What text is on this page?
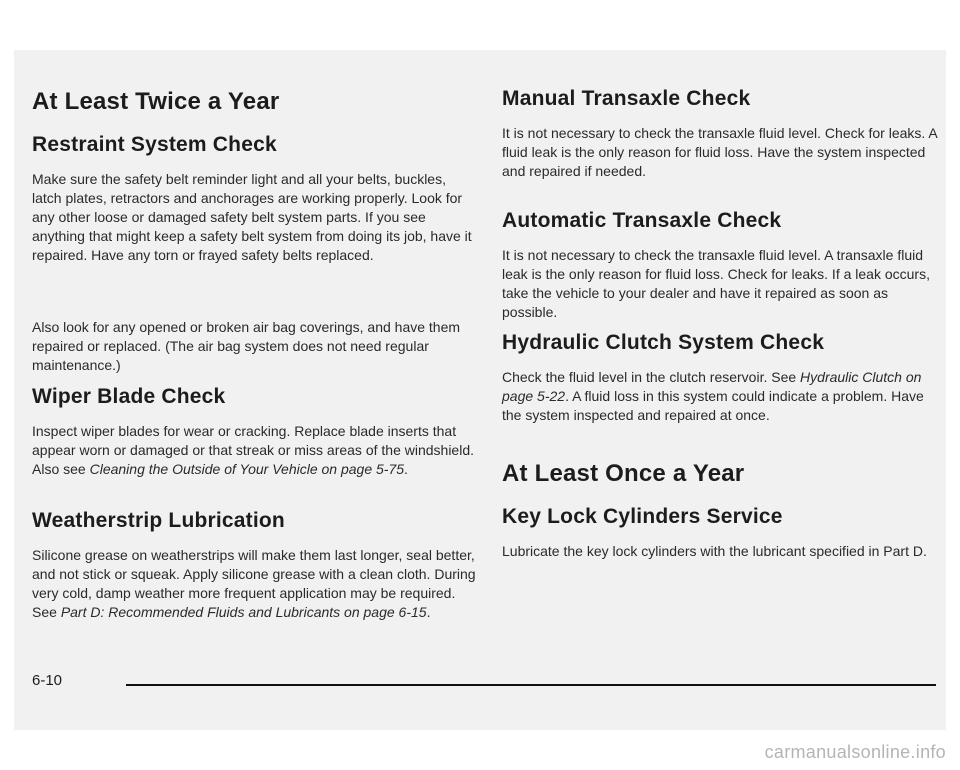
At Least Twice a Year
Restraint System Check

Make sure the safety belt reminder light and all your belts, buckles, latch plates, retractors and anchorages are working properly. Look for any other loose or damaged safety belt system parts. If you see anything that might keep a safety belt system from doing its job, have it repaired. Have any torn or frayed safety belts replaced.

Also look for any opened or broken air bag coverings, and have them repaired or replaced. (The air bag system does not need regular maintenance.)

Wiper Blade Check

Inspect wiper blades for wear or cracking. Replace blade inserts that appear worn or damaged or that streak or miss areas of the windshield. Also see Cleaning the Outside of Your Vehicle on page 5-75.

Weatherstrip Lubrication

Silicone grease on weatherstrips will make them last longer, seal better, and not stick or squeak. Apply silicone grease with a clean cloth. During very cold, damp weather more frequent application may be required. See Part D: Recommended Fluids and Lubricants on page 6-15.

Manual Transaxle Check

It is not necessary to check the transaxle fluid level. Check for leaks. A fluid leak is the only reason for fluid loss. Have the system inspected and repaired if needed.

Automatic Transaxle Check

It is not necessary to check the transaxle fluid level. A transaxle fluid leak is the only reason for fluid loss. Check for leaks. If a leak occurs, take the vehicle to your dealer and have it repaired as soon as possible.

Hydraulic Clutch System Check

Check the fluid level in the clutch reservoir. See Hydraulic Clutch on page 5-22. A fluid loss in this system could indicate a problem. Have the system inspected and repaired at once.

At Least Once a Year
Key Lock Cylinders Service

Lubricate the key lock cylinders with the lubricant specified in Part D.

6-10
carmanualsonline.info
